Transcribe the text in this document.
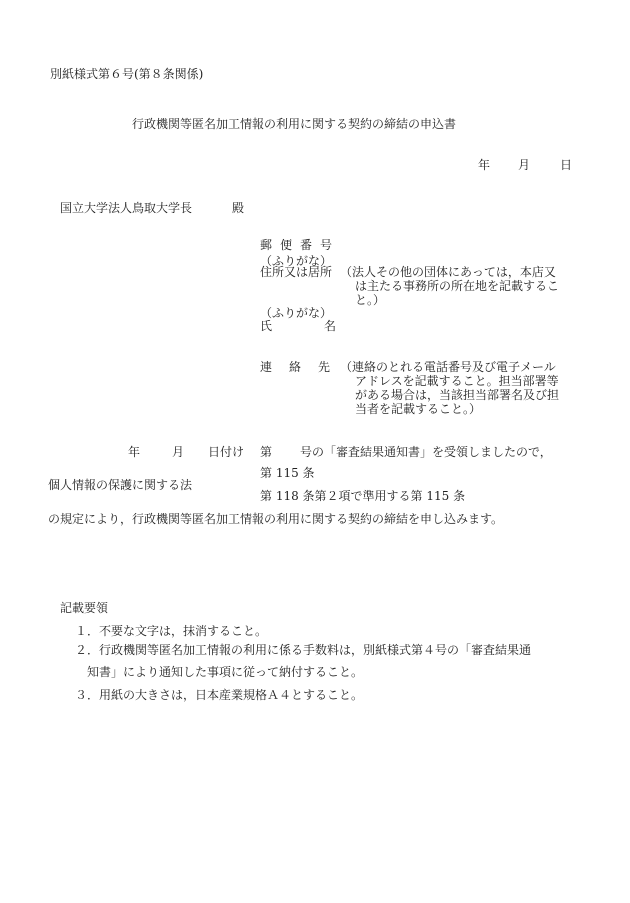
別紙様式第６号(第８条関係)
行政機関等匿名加工情報の利用に関する契約の締結の申込書
年 月 日
国立大学法人鳥取大学長	殿
郵便番号
（ふりがな）
住所又は居所 （法人その他の団体にあっては，本店又
は主たる事務所の所在地を記載するこ
と。）
（ふりがな）
氏名
連絡先
（連絡のとれる電話番号及び電子メール
アドレスを記載すること。担当部署等
がある場合は，当該担当部署名及び担
当者を記載すること。）
年	月 日付け 第 号の「審査結果通知書」を受領しましたので，
個人情報の保護に関する法
第 115 条
第 118 条第２項で準用する第 115 条
の規定により，行政機関等匿名加工情報の利用に関する契約の締結を申し込みます。
記載要領
１．不要な文字は，抹消すること。
２．行政機関等匿名加工情報の利用に係る手数料は，別紙様式第４号の「審査結果通
知書」により通知した事項に従って納付すること。
３．用紙の大きさは，日本産業規格Ａ４とすること。
